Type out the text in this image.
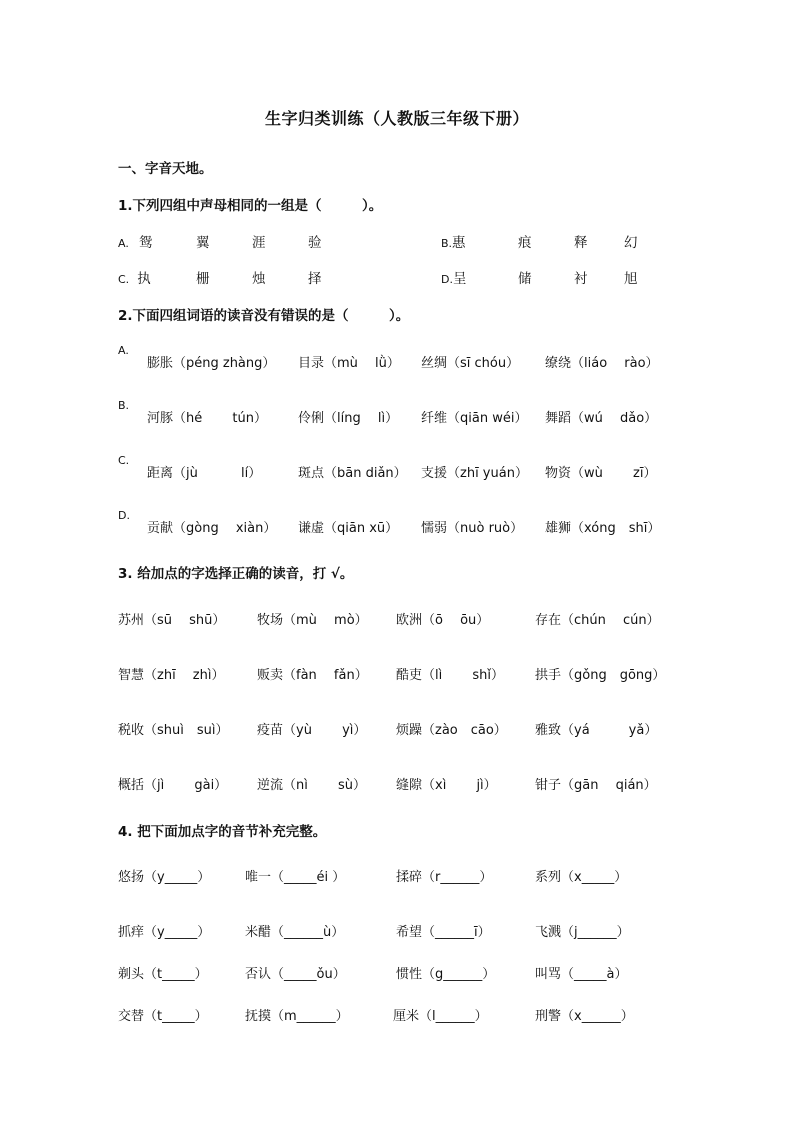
生字归类训练（人教版三年级下册）
一、字音天地。
1.下列四组中声母相同的一组是（　　　）。
A. 鸳	翼	涯	验	B.惠	痕	释	幻
C. 执	栅	烛	择	D.呈	储	衬	旭
2.下面四组词语的读音没有错误的是（　　　）。
A.
膨胀（péng zhàng） 目录（mù　 lǜ） 丝绸（sī chóu） 缭绕（liáo　 rào）
B.
河豚（hé　　 tún） 伶俐（líng　 lì） 纤维（qiān wéi） 舞蹈（wú　 dǎo）
C.
距离（jù　　　 lí）	斑点（bān diǎn） 支援（zhī yuán） 物资（wù　　 zī）
D.
贡献（gòng　 xiàn） 谦虚（qiān xū） 懦弱（nuò ruò） 雄狮（xóng　shī）
3. 给加点的字选择正确的读音，打 √。
苏州（sū　 shū） 牧场（mù　 mò） 欧洲（ō　 ōu）	存在（chún　 cún）
智慧（zhī　 zhì）	贩卖（fàn　 fǎn） 酷吏（lì　　 shǐ） 拱手（gǒng　gōng）
税收（shuì　suì） 疫苗（yù　　 yì） 烦躁（zào　cāo） 雅致（yá　　　yǎ）
概括（jì　　 gài） 逆流（nì　　 sù） 缝隙（xì　　 jì）	钳子（gān　 qián）
4. 把下面加点字的音节补充完整。
悠扬（y_____）	唯一（_____éi ）	揉碎（r______）	系列（x_____）
抓痒（y_____）	米醋（______ù）	希望（______ī）	飞溅（j______）
剃头（t_____）	否认（_____ǒu）	惯性（g______）	叫骂（_____à）
交替（t_____）	抚摸（m______）	厘米（l______）	刑警（x______）
